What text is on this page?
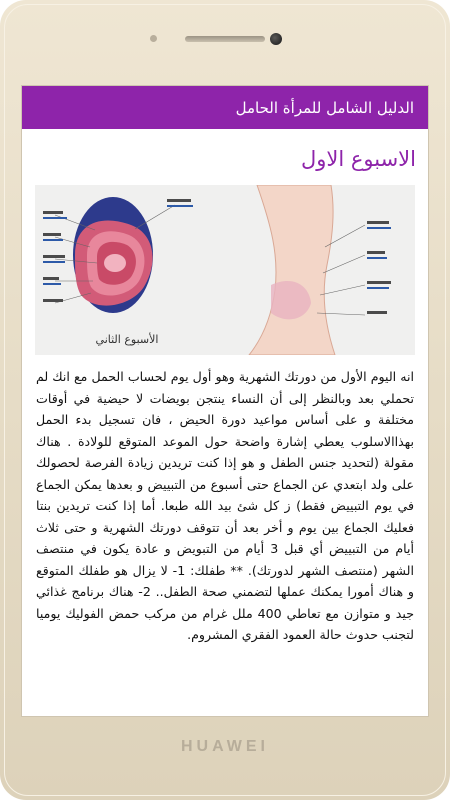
الدليل الشامل للمرأة الحامل
الاسبوع الاول
الأسبوع الثاني

انه اليوم الأول من دورتك الشهرية وهو أول يوم لحساب الحمل مع انك لم تحملي بعد وبالنظر إلى أن النساء ينتجن بويضات لا حيضية في أوقات مختلفة و على أساس مواعيد دورة الحيض ، فان تسجيل بدء الحمل بهذاالاسلوب يعطي إشارة واضحة حول الموعد المتوقع للولادة . هناك مقولة (لتحديد جنس الطفل و هو إذا كنت تريدين زيادة الفرصة لحصولك على ولد ابتعدي عن الجماع حتى أسبوع من التبييض و بعدها يمكن الجماع في يوم التبييض فقط) ز كل شئ بيد الله طبعا. أما إذا كنت تريدين بنتا فعليك الجماع بين يوم و أخر بعد أن تتوقف دورتك الشهرية و حتى ثلاث أيام من التبييض أي قبل 3 أيام من التبويض و عادة يكون في منتصف الشهر (منتصف الشهر لدورتك). ** طفلك: 1- لا يزال هو طفلك المتوقع و هناك أمورا يمكنك عملها لتضمني صحة الطفل.. 2- هناك برنامج غذائي جيد و متوازن مع تعاطي 400 ملل غرام من مركب حمض الفوليك يوميا لتجنب حدوث حالة العمود الفقري المشروم.

HUAWEI
